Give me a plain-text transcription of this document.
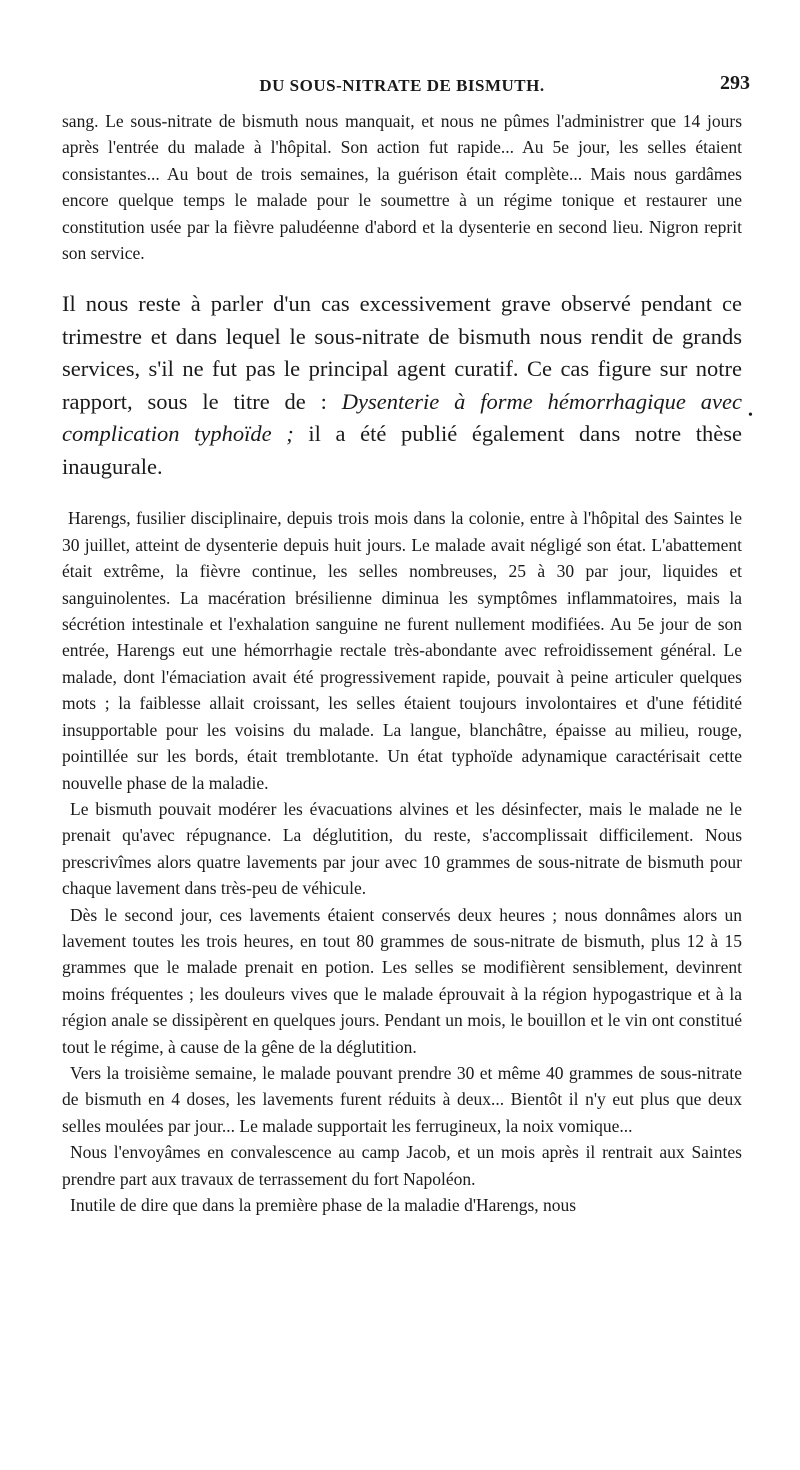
DU SOUS-NITRATE DE BISMUTH.	293

sang. Le sous-nitrate de bismuth nous manquait, et nous ne pûmes l'administrer que 14 jours après l'entrée du malade à l'hôpital. Son action fut rapide... Au 5e jour, les selles étaient consistantes... Au bout de trois semaines, la guérison était complète... Mais nous gardâmes encore quelque temps le malade pour le soumettre à un régime tonique et restaurer une constitution usée par la fièvre paludéenne d'abord et la dysenterie en second lieu. Nigron reprit son service.

Il nous reste à parler d'un cas excessivement grave observé pendant ce trimestre et dans lequel le sous-nitrate de bismuth nous rendit de grands services, s'il ne fut pas le principal agent curatif. Ce cas figure sur notre rapport, sous le titre de : Dysenterie à forme hémorrhagique avec complication typhoïde ; il a été publié également dans notre thèse inaugurale.

Harengs, fusilier disciplinaire, depuis trois mois dans la colonie, entre à l'hôpital des Saintes le 30 juillet, atteint de dysenterie depuis huit jours. Le malade avait négligé son état. L'abattement était extrême, la fièvre continue, les selles nombreuses, 25 à 30 par jour, liquides et sanguinolentes. La macération brésilienne diminua les symptômes inflammatoires, mais la sécrétion intestinale et l'exhalation sanguine ne furent nullement modifiées. Au 5e jour de son entrée, Harengs eut une hémorrhagie rectale très-abondante avec refroidissement général. Le malade, dont l'émaciation avait été progressivement rapide, pouvait à peine articuler quelques mots ; la faiblesse allait croissant, les selles étaient toujours involontaires et d'une fétidité insupportable pour les voisins du malade. La langue, blanchâtre, épaisse au milieu, rouge, pointillée sur les bords, était tremblotante. Un état typhoïde adynamique caractérisait cette nouvelle phase de la maladie.

Le bismuth pouvait modérer les évacuations alvines et les désinfecter, mais le malade ne le prenait qu'avec répugnance. La déglutition, du reste, s'accomplissait difficilement. Nous prescrivîmes alors quatre lavements par jour avec 10 grammes de sous-nitrate de bismuth pour chaque lavement dans très-peu de véhicule.

Dès le second jour, ces lavements étaient conservés deux heures ; nous donnâmes alors un lavement toutes les trois heures, en tout 80 grammes de sous-nitrate de bismuth, plus 12 à 15 grammes que le malade prenait en potion. Les selles se modifièrent sensiblement, devinrent moins fréquentes ; les douleurs vives que le malade éprouvait à la région hypogastrique et à la région anale se dissipèrent en quelques jours. Pendant un mois, le bouillon et le vin ont constitué tout le régime, à cause de la gêne de la déglutition.

Vers la troisième semaine, le malade pouvant prendre 30 et même 40 grammes de sous-nitrate de bismuth en 4 doses, les lavements furent réduits à deux... Bientôt il n'y eut plus que deux selles moulées par jour... Le malade supportait les ferrugineux, la noix vomique...

Nous l'envoyâmes en convalescence au camp Jacob, et un mois après il rentrait aux Saintes prendre part aux travaux de terrassement du fort Napoléon.

Inutile de dire que dans la première phase de la maladie d'Harengs, nous

•
